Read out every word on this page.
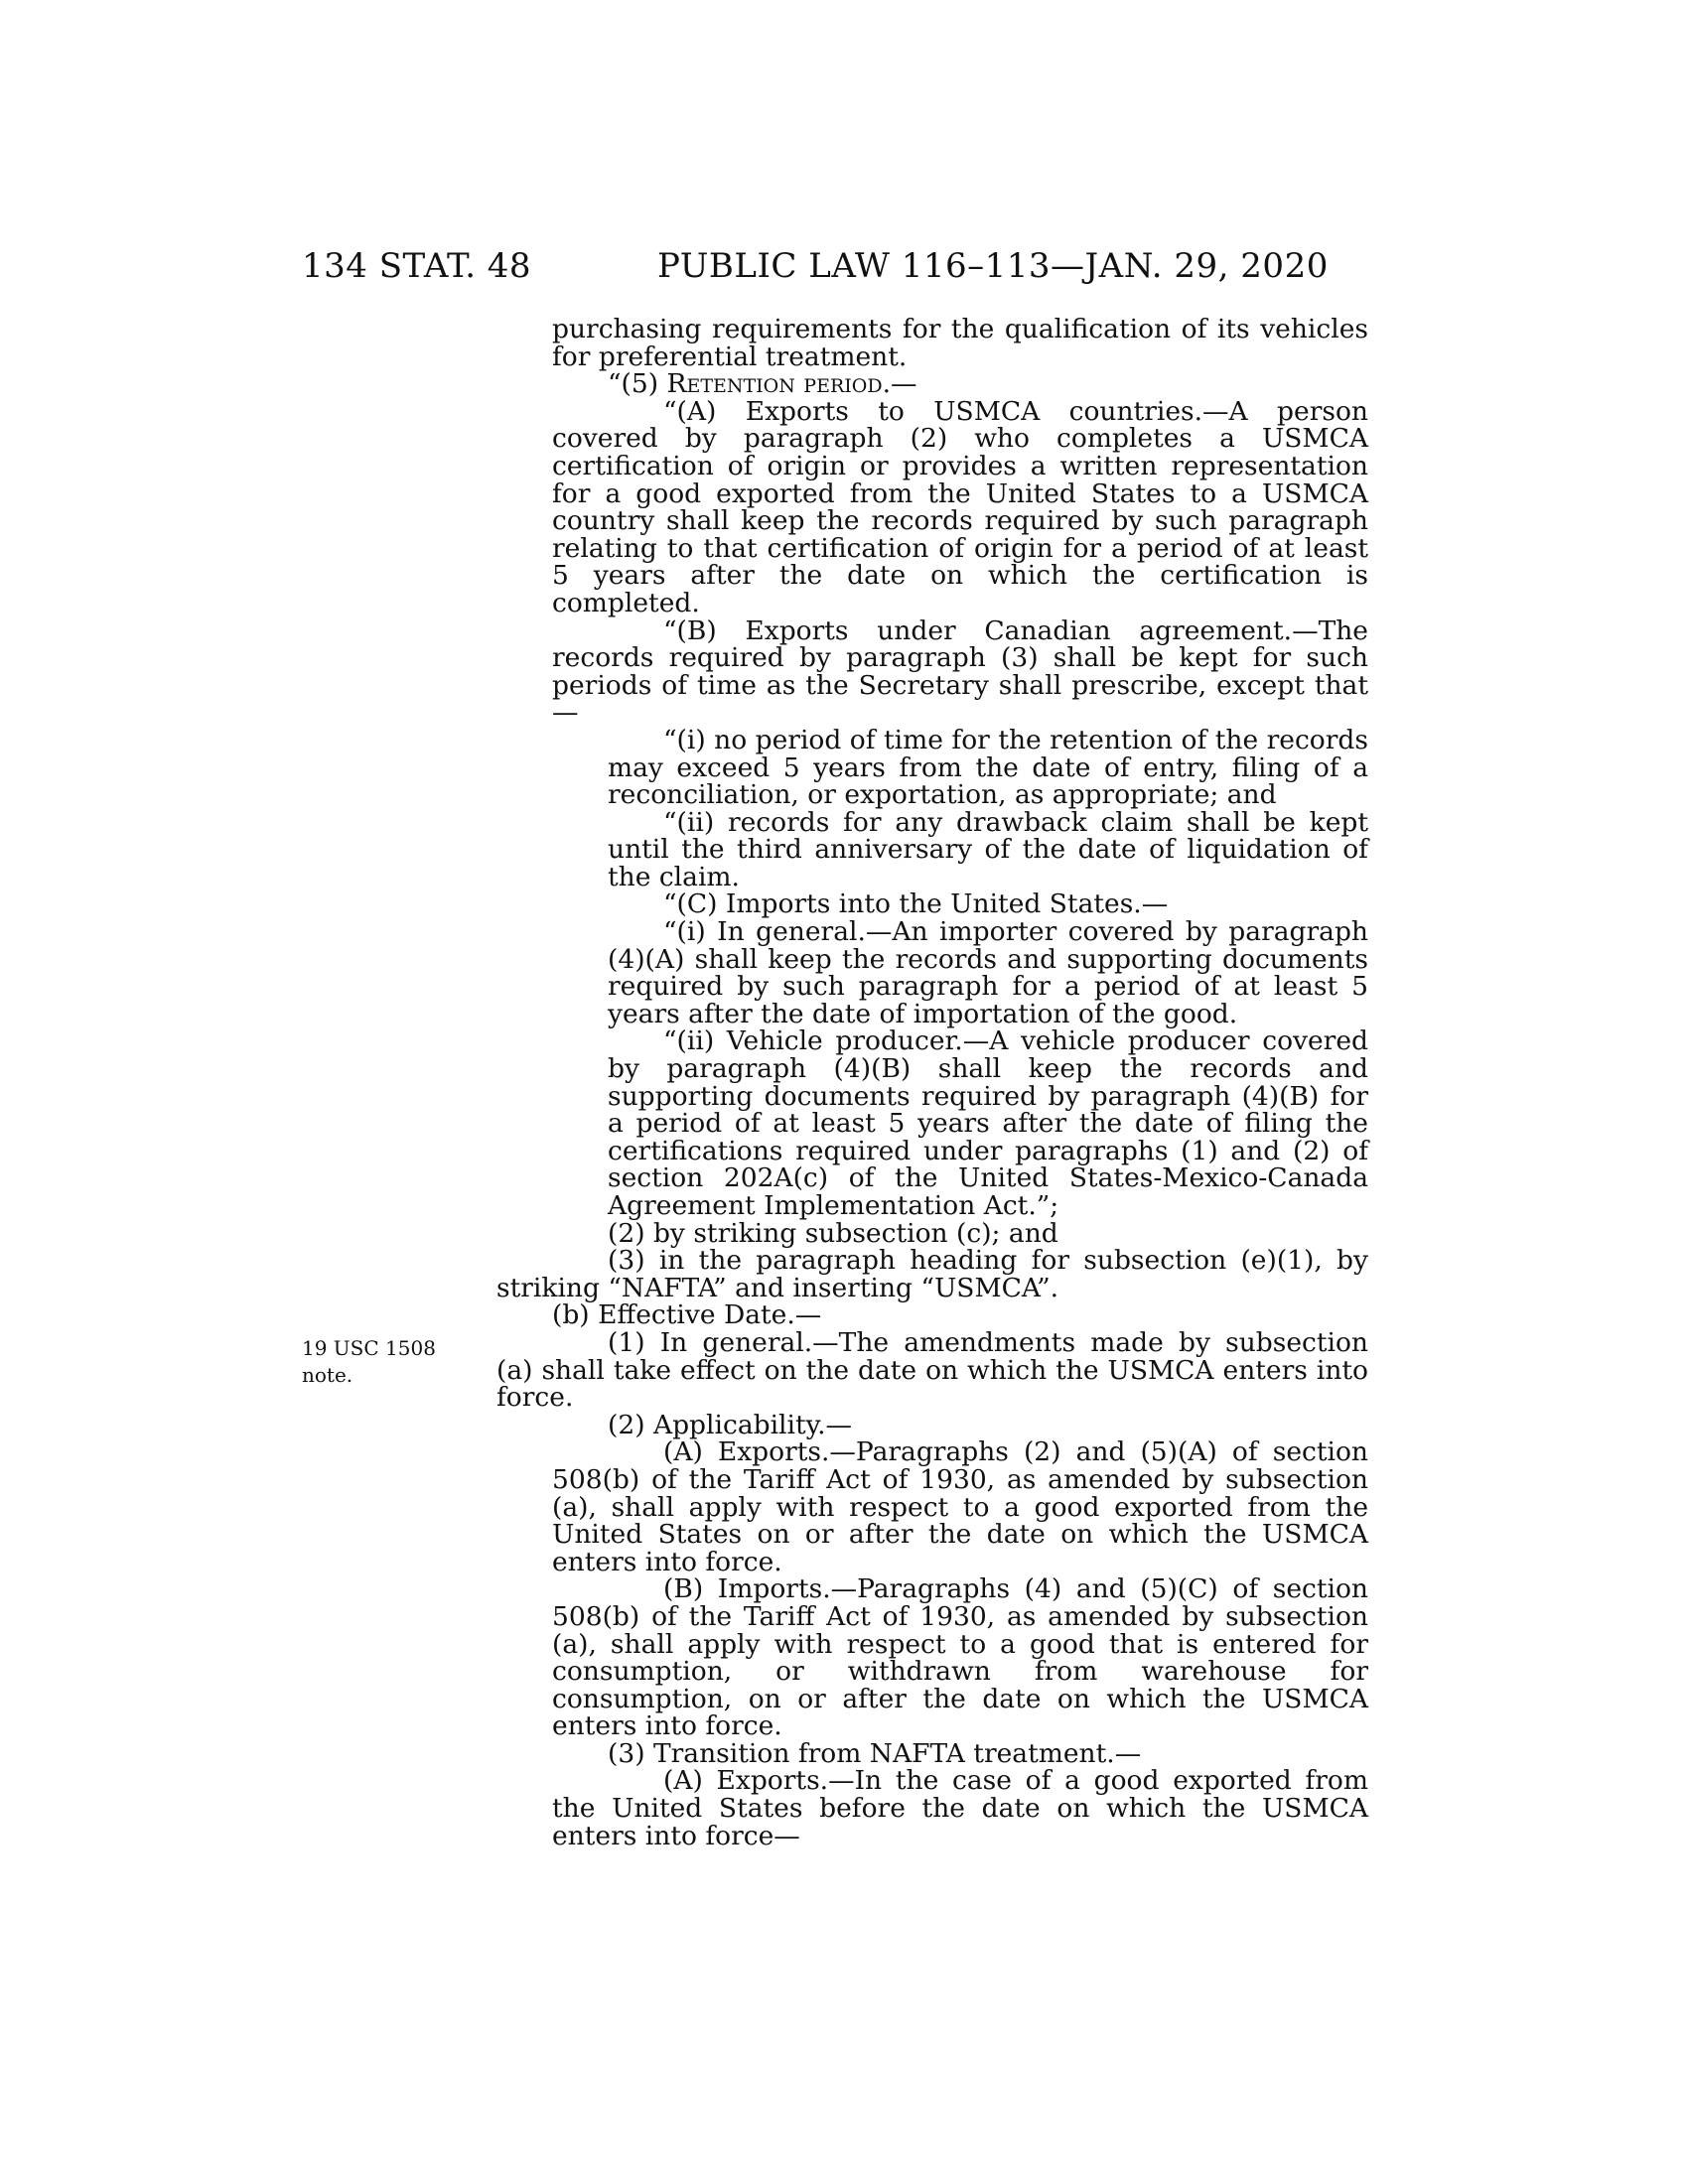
134 STAT. 48	PUBLIC LAW 116–113—JAN. 29, 2020
19 USC 1508
note.

purchasing requirements for the qualification of its vehicles for preferential treatment.

“(5) Retention period.—

“(A) Exports to USMCA countries.—A person covered by paragraph (2) who completes a USMCA certification of origin or provides a written representation for a good exported from the United States to a USMCA country shall keep the records required by such paragraph relating to that certification of origin for a period of at least 5 years after the date on which the certification is completed.

“(B) Exports under Canadian agreement.—The records required by paragraph (3) shall be kept for such periods of time as the Secretary shall prescribe, except that—

“(i) no period of time for the retention of the records may exceed 5 years from the date of entry, filing of a reconciliation, or exportation, as appropriate; and

“(ii) records for any drawback claim shall be kept until the third anniversary of the date of liquidation of the claim.

“(C) Imports into the United States.—

“(i) In general.—An importer covered by paragraph (4)(A) shall keep the records and supporting documents required by such paragraph for a period of at least 5 years after the date of importation of the good.

“(ii) Vehicle producer.—A vehicle producer covered by paragraph (4)(B) shall keep the records and supporting documents required by paragraph (4)(B) for a period of at least 5 years after the date of filing the certifications required under paragraphs (1) and (2) of section 202A(c) of the United States-Mexico-Canada Agreement Implementation Act.”;

(2) by striking subsection (c); and

(3) in the paragraph heading for subsection (e)(1), by striking “NAFTA” and inserting “USMCA”.

(b) Effective Date.—

(1) In general.—The amendments made by subsection (a) shall take effect on the date on which the USMCA enters into force.

(2) Applicability.—

(A) Exports.—Paragraphs (2) and (5)(A) of section 508(b) of the Tariff Act of 1930, as amended by subsection (a), shall apply with respect to a good exported from the United States on or after the date on which the USMCA enters into force.

(B) Imports.—Paragraphs (4) and (5)(C) of section 508(b) of the Tariff Act of 1930, as amended by subsection (a), shall apply with respect to a good that is entered for consumption, or withdrawn from warehouse for consumption, on or after the date on which the USMCA enters into force.

(3) Transition from NAFTA treatment.—

(A) Exports.—In the case of a good exported from the United States before the date on which the USMCA enters into force—
